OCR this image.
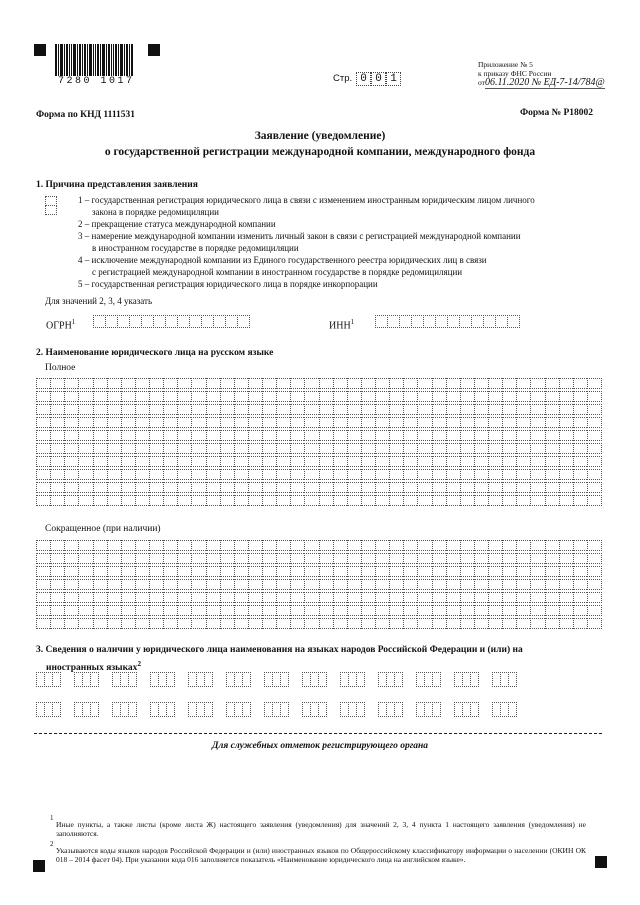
7280 1017	Стр. 0 0 1
Приложение № 5
к приказу ФНС России
от06.11.2020 № ЕД-7-14/784@
Форма по КНД 1111531	Форма № Р18002
Заявление (уведомление)
о государственной регистрации международной компании, международного фонда
1. Причина представления заявления
1 – государственная регистрация юридического лица в связи с изменением иностранным юридическим лицом личного
закона в порядке редомициляции
2 – прекращение статуса международной компании
3 – намерение международной компании изменить личный закон в связи с регистрацией международной компании
в иностранном государстве в порядке редомициляции
4 – исключение международной компании из Единого государственного реестра юридических лиц в связи
с регистрацией международной компании в иностранном государстве в порядке редомициляции
5 – государственная регистрация юридического лица в порядке инкорпорации
Для значений 2, 3, 4 указать
ОГРН$^1$	ИНН$^1$
2. Наименование юридического лица на русском языке
Полное
Сокращенное (при наличии)
3. Сведения о наличии у юридического лица наименования на языках народов Российской Федерации и (или) на
иностранных языках$^2$
Для служебных отметок регистрирующего органа
1
Иные пункты, а также листы (кроме листа Ж) настоящего заявления (уведомления) для значений 2, 3, 4 пункта 1 настоящего заявления (уведомления) не заполняются.
2
Указываются коды языков народов Российской Федерации и (или) иностранных языков по Общероссийскому классификатору информации о населении (ОКИН ОК 018 – 2014 фасет 04). При указании кода 016 заполняется показатель «Наименование юридического лица на английском языке».
